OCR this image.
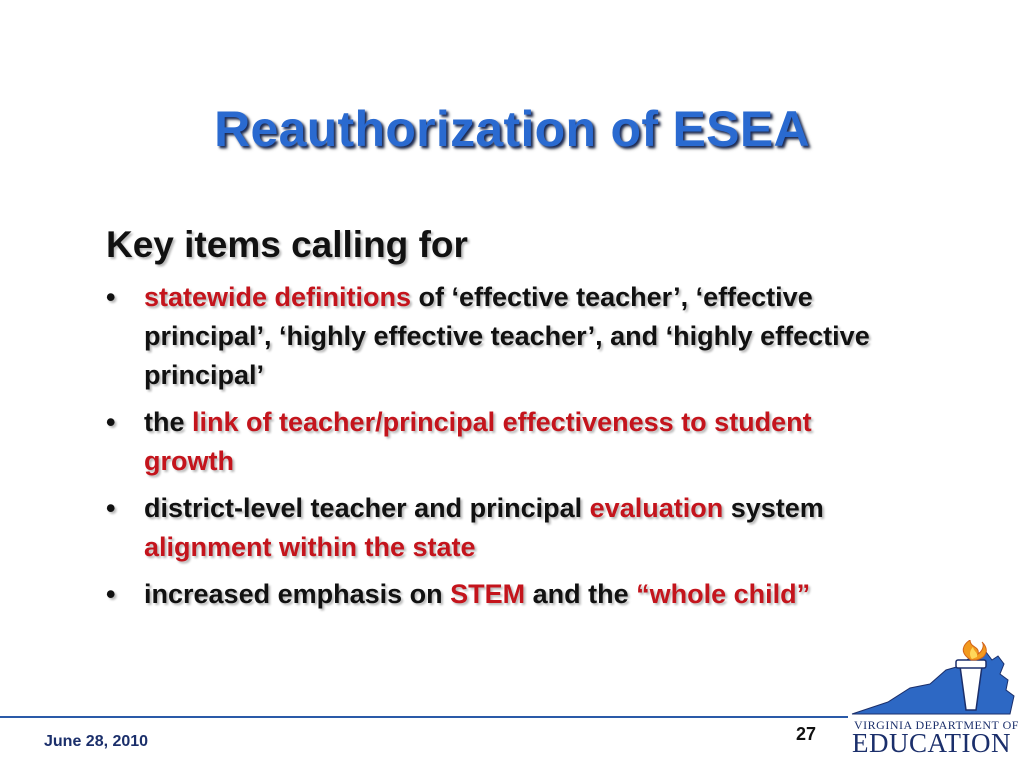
Reauthorization of ESEA
Key items calling for
• statewide definitions of ‘effective teacher’, ‘effective principal’, ‘highly effective teacher’, and ‘highly effective principal’
• the link of teacher/principal effectiveness to student growth
• district-level teacher and principal evaluation system alignment within the state
• increased emphasis on STEM and the “whole child”
June 28, 2010	27	VIRGINIA DEPARTMENT OF
EDUCATION
